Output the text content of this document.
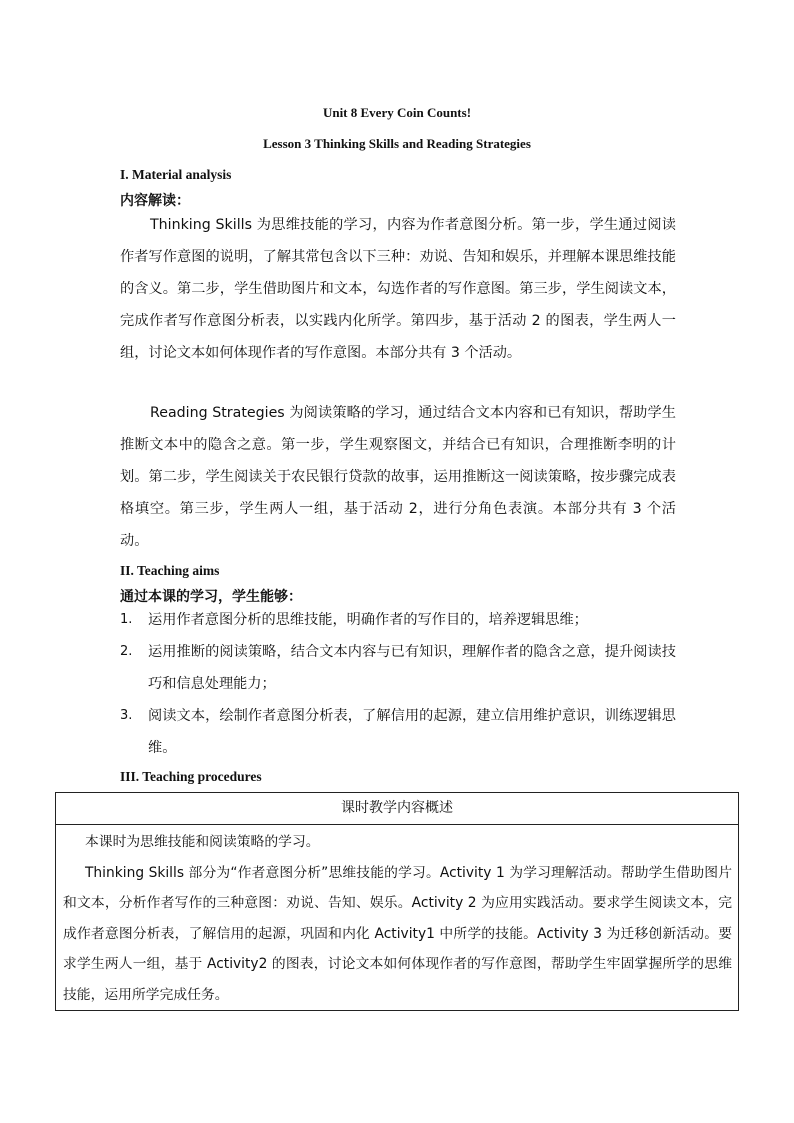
Unit 8 Every Coin Counts!
Lesson 3 Thinking Skills and Reading Strategies
I. Material analysis
内容解读：

Thinking Skills 为思维技能的学习，内容为作者意图分析。第一步，学生通过阅读作者写作意图的说明，了解其常包含以下三种：劝说、告知和娱乐，并理解本课思维技能的含义。第二步，学生借助图片和文本，勾选作者的写作意图。第三步，学生阅读文本，完成作者写作意图分析表，以实践内化所学。第四步，基于活动 2 的图表，学生两人一组，讨论文本如何体现作者的写作意图。本部分共有 3 个活动。

Reading Strategies 为阅读策略的学习，通过结合文本内容和已有知识，帮助学生推断文本中的隐含之意。第一步，学生观察图文，并结合已有知识，合理推断李明的计划。第二步，学生阅读关于农民银行贷款的故事，运用推断这一阅读策略，按步骤完成表格填空。第三步，学生两人一组，基于活动 2，进行分角色表演。本部分共有 3 个活动。

II. Teaching aims
通过本课的学习，学生能够：
1. 运用作者意图分析的思维技能，明确作者的写作目的，培养逻辑思维；
2. 运用推断的阅读策略，结合文本内容与已有知识，理解作者的隐含之意，提升阅读技巧和信息处理能力；
3. 阅读文本，绘制作者意图分析表，了解信用的起源，建立信用维护意识，训练逻辑思维。
III. Teaching procedures
课时教学内容概述

本课时为思维技能和阅读策略的学习。

Thinking Skills 部分为“作者意图分析”思维技能的学习。Activity 1 为学习理解活动。帮助学生借助图片和文本，分析作者写作的三种意图：劝说、告知、娱乐。Activity 2 为应用实践活动。要求学生阅读文本，完成作者意图分析表，了解信用的起源，巩固和内化 Activity1 中所学的技能。Activity 3 为迁移创新活动。要求学生两人一组，基于 Activity2 的图表，讨论文本如何体现作者的写作意图，帮助学生牢固掌握所学的思维技能，运用所学完成任务。
